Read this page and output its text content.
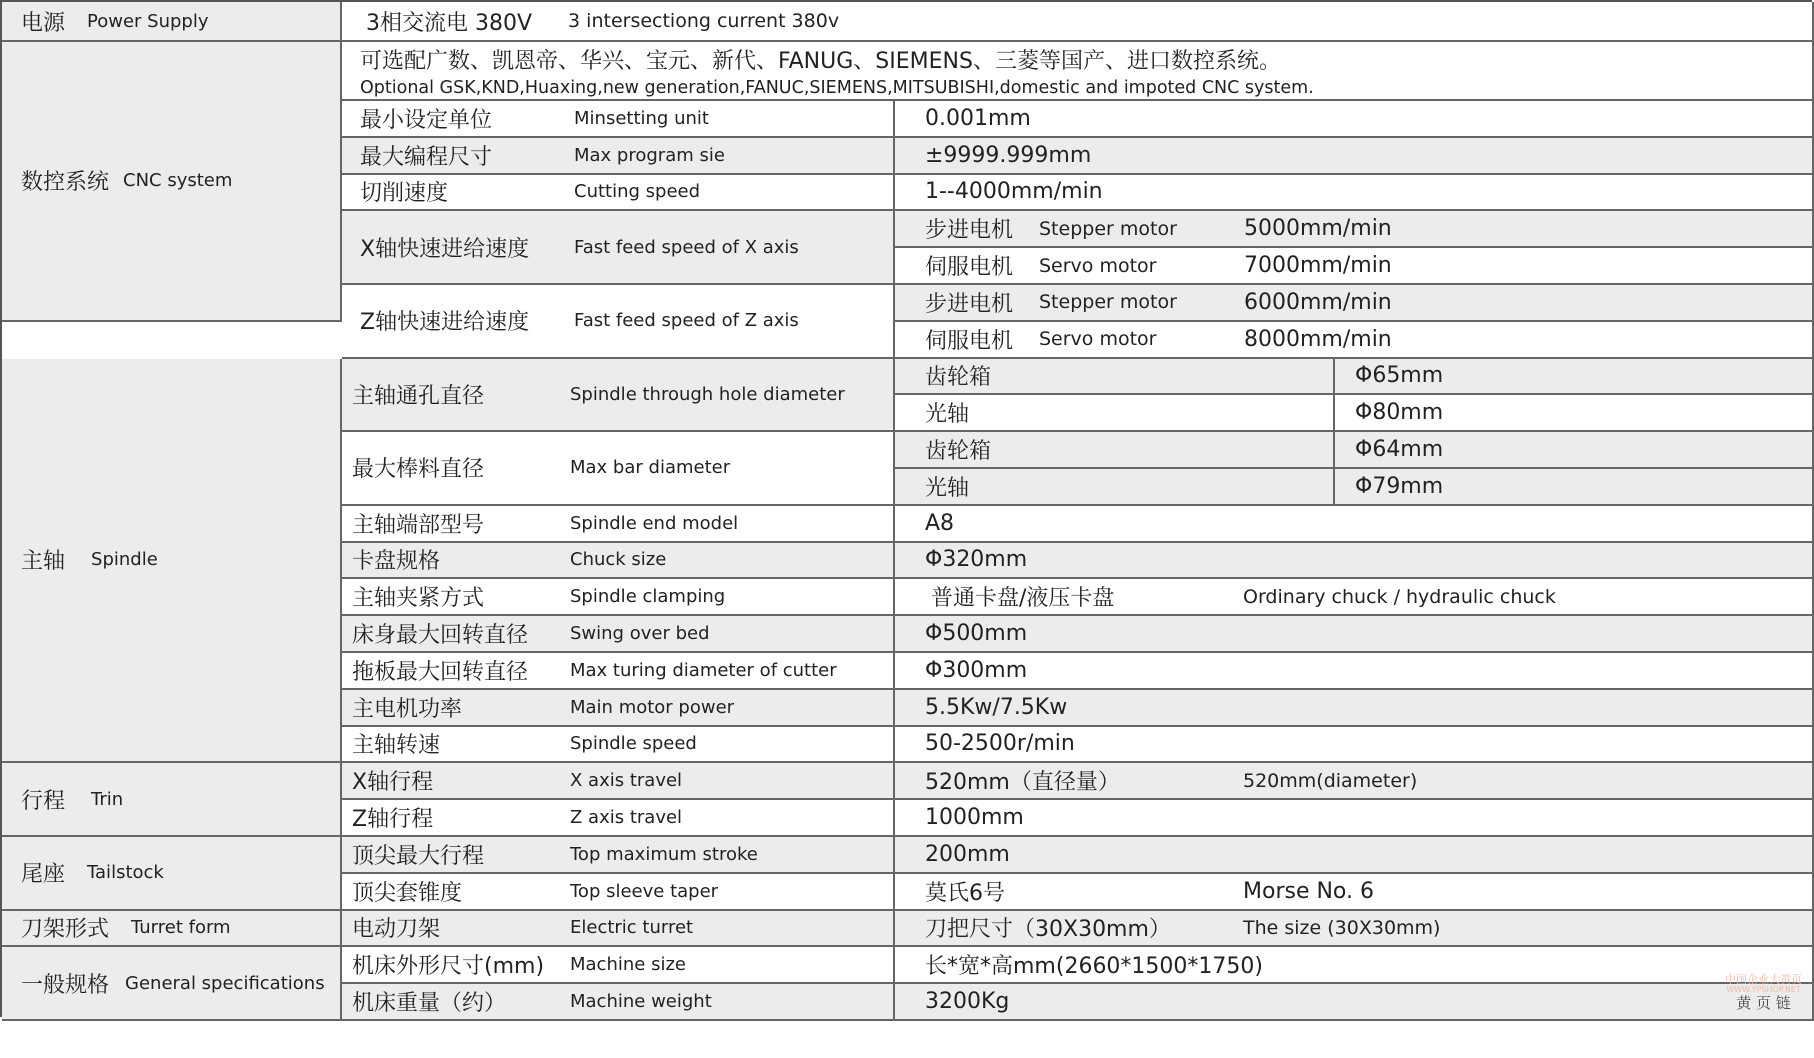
电源 Power Supply	3相交流电 380V 3 intersectiong current 380v
数控系统 CNC system
可选配广数、凯恩帝、华兴、宝元、新代、FANUG、SIEMENS、三菱等国产、进口数控系统。
Optional GSK,KND,Huaxing,new generation,FANUC,SIEMENS,MITSUBISHI,domestic and impoted CNC system.
最小设定单位	Minsetting unit	0.001mm
最大编程尺寸	Max program sie	±9999.999mm
切削速度	Cutting speed	1--4000mm/min
X轴快速进给速度	Fast feed speed of X axis
步进电机	Stepper motor	5000mm/min
伺服电机	Servo motor	7000mm/min
Z轴快速进给速度	Fast feed speed of Z axis
步进电机	Stepper motor	6000mm/min
伺服电机	Servo motor	8000mm/min
主轴 Spindle
主轴通孔直径	Spindle through hole diameter
齿轮箱	Φ65mm
光轴	Φ80mm
最大棒料直径	Max bar diameter
齿轮箱	Φ64mm
光轴	Φ79mm
主轴端部型号	Spindle end model	A8
卡盘规格	Chuck size	Φ320mm
主轴夹紧方式	Spindle clamping	普通卡盘/液压卡盘	Ordinary chuck / hydraulic chuck
床身最大回转直径	Swing over bed	Φ500mm
拖板最大回转直径	Max turing diameter of cutter	Φ300mm
主电机功率	Main motor power	5.5Kw/7.5Kw
主轴转速	Spindle speed	50-2500r/min
行程 Trin
X轴行程	X axis travel	520mm（直径量）	520mm(diameter)
Z轴行程	Z axis travel	1000mm
尾座 Tailstock
顶尖最大行程	Top maximum stroke	200mm
顶尖套锥度	Top sleeve taper	莫氏6号	Morse No. 6
刀架形式 Turret form	电动刀架	Electric turret	刀把尺寸（30X30mm）	The size (30X30mm)
一般规格 General specifications
机床外形尺寸(mm)	Machine size	长*宽*高mm(2660*1500*1750)
机床重量（约）	Machine weight	3200Kg
中国企业大黄页
WWW.YPSHOP.NET
黄 页 链
